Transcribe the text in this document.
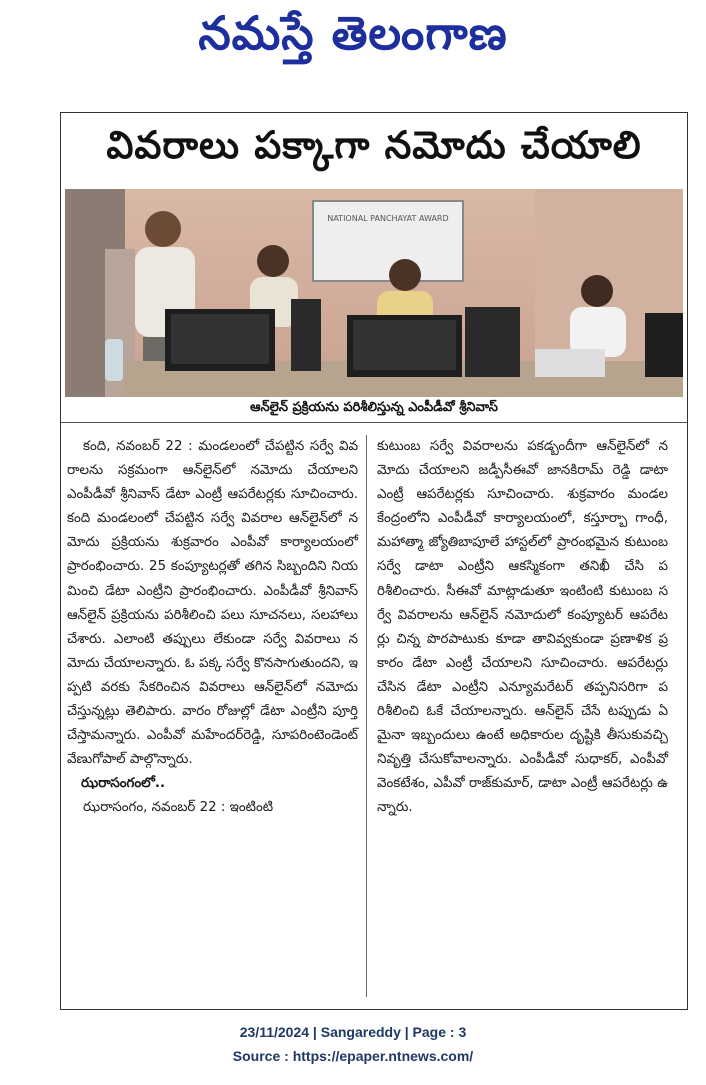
నమస్తే తెలంగాణ
వివరాలు పక్కాగా నమోదు చేయాలి
NATIONAL PANCHAYAT AWARD
ఆన్‌లైన్ ప్రక్రియను పరిశీలిస్తున్న ఎంపీడీవో శ్రీనివాస్

కంది, నవంబర్ 22 : మండలంలో చేపట్టిన సర్వే వివరాలను సక్రమంగా ఆన్‌లైన్‌లో నమోదు చేయాలని ఎంపీడీవో శ్రీనివాస్ డేటా ఎంట్రీ ఆపరేటర్లకు సూచించారు. కంది మండలంలో చేపట్టిన సర్వే వివరాల ఆన్‌లైన్‌లో నమోదు ప్రక్రియను శుక్రవారం ఎంపీవో కార్యాలయంలో ప్రారంభించారు. 25 కంప్యూటర్లతో తగిన సిబ్బందిని నియమించి డేటా ఎంట్రీని ప్రారంభించారు. ఎంపీడీవో శ్రీనివాస్ ఆన్‌లైన్ ప్రక్రియను పరిశీలించి పలు సూచనలు, సలహాలు చేశారు. ఎలాంటి తప్పులు లేకుండా సర్వే వివరాలు నమోదు చేయాలన్నారు. ఓ పక్క సర్వే కొనసాగుతుందని, ఇప్పటి వరకు సేకరించిన వివరాలు ఆన్‌లైన్‌లో నమోదు చేస్తున్నట్లు తెలిపారు. వారం రోజుల్లో డేటా ఎంట్రీని పూర్తి చేస్తామన్నారు. ఎంపీవో మహేందర్‌రెడ్డి, సూపరింటెండెంట్ వేణుగోపాల్ పాల్గొన్నారు.

ఝరాసంగంలో..

ఝరాసంగం, నవంబర్ 22 : ఇంటింటి

కుటుంబ సర్వే వివరాలను పకడ్బందీగా ఆన్‌లైన్‌లో నమోదు చేయాలని జడ్పీసీఈవో జానకిరామ్ రెడ్డి డాటా ఎంట్రీ ఆపరేటర్లకు సూచించారు. శుక్రవారం మండల కేంద్రంలోని ఎంపీడీవో కార్యాలయంలో, కస్తూర్బా గాంధీ, మహాత్మా జ్యోతిబాపూలే హాస్టల్‌లో ప్రారంభమైన కుటుంబ సర్వే డాటా ఎంట్రీని ఆకస్మికంగా తనిఖీ చేసి పరిశీలించారు. సీఈవో మాట్లాడుతూ ఇంటింటి కుటుంబ సర్వే వివరాలను ఆన్‌లైన్ నమోదులో కంప్యూటర్ ఆపరేటర్లు చిన్న పొరపాటుకు కూడా తావివ్వకుండా ప్రణాళిక ప్రకారం డేటా ఎంట్రీ చేయాలని సూచించారు. ఆపరేటర్లు చేసిన డేటా ఎంట్రీని ఎన్యూమరేటర్ తప్పనిసరిగా పరిశీలించి ఓకే చేయాలన్నారు. ఆన్‌లైన్ చేసే టప్పుడు ఏమైనా ఇబ్బందులు ఉంటే అధికారుల దృష్టికి తీసుకువచ్చి నివృత్తి చేసుకోవాలన్నారు. ఎంపీడీవో సుధాకర్, ఎంపీవో వెంకటేశం, ఎపీవో రాజ్‌కుమార్, డాటా ఎంట్రీ ఆపరేటర్లు ఉన్నారు.

23/11/2024 | Sangareddy | Page : 3
Source : https://epaper.ntnews.com/
